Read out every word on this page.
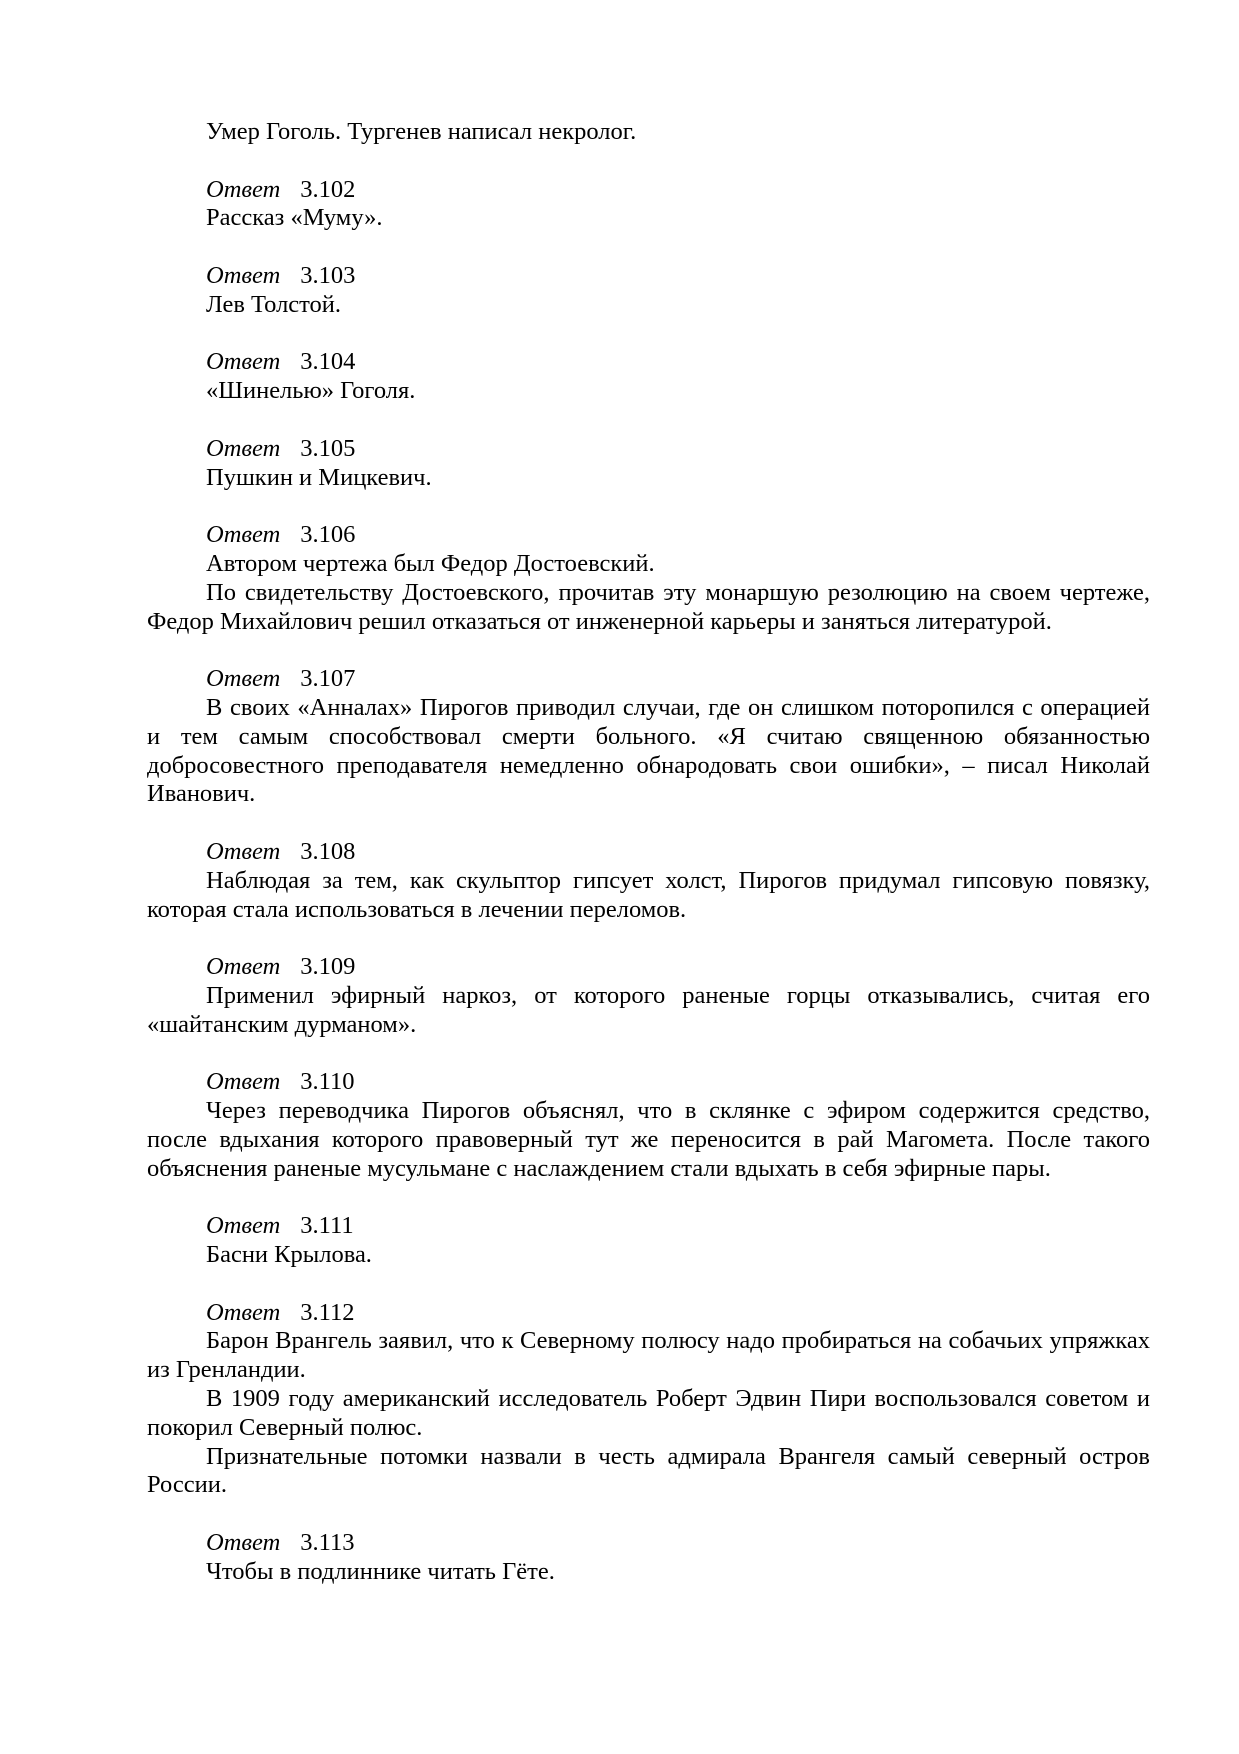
Умер Гоголь. Тургенев написал некролог.

Ответ 3.102

Рассказ «Муму».

Ответ 3.103

Лев Толстой.

Ответ 3.104

«Шинелью» Гоголя.

Ответ 3.105

Пушкин и Мицкевич.

Ответ 3.106

Автором чертежа был Федор Достоевский.

По свидетельству Достоевского, прочитав эту монаршую резолюцию на своем чертеже, Федор Михайлович решил отказаться от инженерной карьеры и заняться литературой.

Ответ 3.107

В своих «Анналах» Пирогов приводил случаи, где он слишком поторопился с операцией и тем самым способствовал смерти больного. «Я считаю священною обязанностью добросовестного преподавателя немедленно обнародовать свои ошибки», – писал Николай Иванович.

Ответ 3.108

Наблюдая за тем, как скульптор гипсует холст, Пирогов придумал гипсовую повязку, которая стала использоваться в лечении переломов.

Ответ 3.109

Применил эфирный наркоз, от которого раненые горцы отказывались, считая его «шайтанским дурманом».

Ответ 3.110

Через переводчика Пирогов объяснял, что в склянке с эфиром содержится средство, после вдыхания которого правоверный тут же переносится в рай Магомета. После такого объяснения раненые мусульмане с наслаждением стали вдыхать в себя эфирные пары.

Ответ 3.111

Басни Крылова.

Ответ 3.112

Барон Врангель заявил, что к Северному полюсу надо пробираться на собачьих упряжках из Гренландии.

В 1909 году американский исследователь Роберт Эдвин Пири воспользовался советом и покорил Северный полюс.

Признательные потомки назвали в честь адмирала Врангеля самый северный остров России.

Ответ 3.113

Чтобы в подлиннике читать Гёте.
